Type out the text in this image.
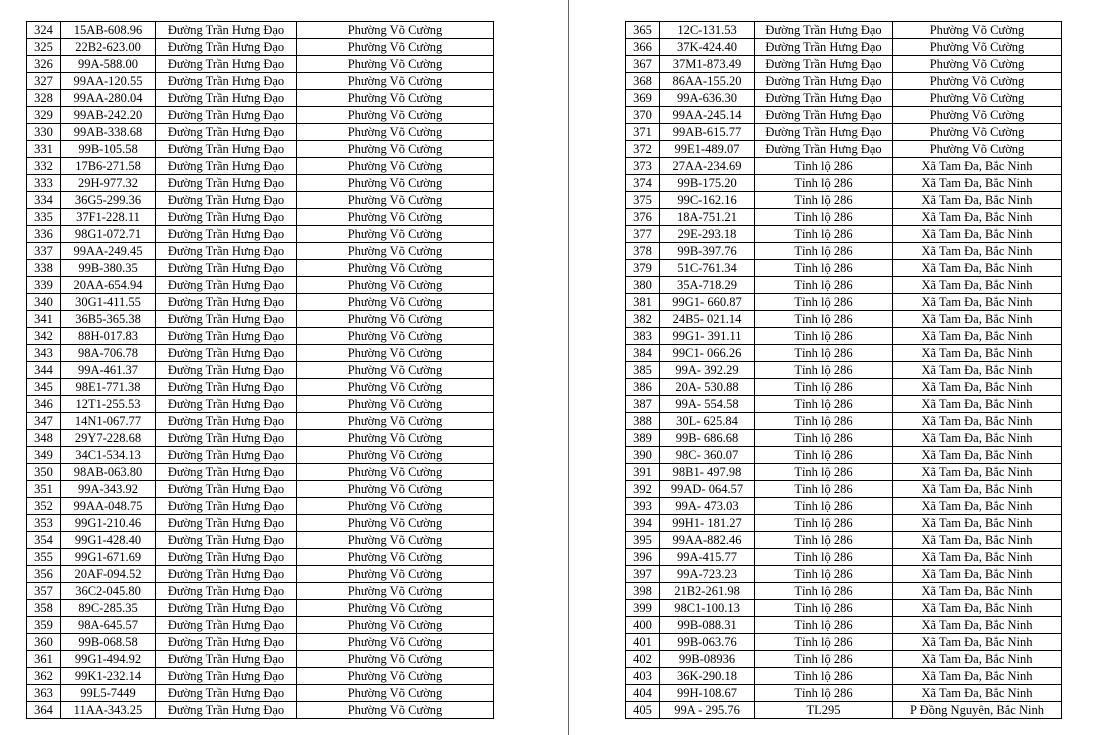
324	15AB-608.96	Đường Trần Hưng Đạo	Phường Võ Cường
325	22B2-623.00	Đường Trần Hưng Đạo	Phường Võ Cường
326	99A-588.00	Đường Trần Hưng Đạo	Phường Võ Cường
327	99AA-120.55	Đường Trần Hưng Đạo	Phường Võ Cường
328	99AA-280.04	Đường Trần Hưng Đạo	Phường Võ Cường
329	99AB-242.20	Đường Trần Hưng Đạo	Phường Võ Cường
330	99AB-338.68	Đường Trần Hưng Đạo	Phường Võ Cường
331	99B-105.58	Đường Trần Hưng Đạo	Phường Võ Cường
332	17B6-271.58	Đường Trần Hưng Đạo	Phường Võ Cường
333	29H-977.32	Đường Trần Hưng Đạo	Phường Võ Cường
334	36G5-299.36	Đường Trần Hưng Đạo	Phường Võ Cường
335	37F1-228.11	Đường Trần Hưng Đạo	Phường Võ Cường
336	98G1-072.71	Đường Trần Hưng Đạo	Phường Võ Cường
337	99AA-249.45	Đường Trần Hưng Đạo	Phường Võ Cường
338	99B-380.35	Đường Trần Hưng Đạo	Phường Võ Cường
339	20AA-654.94	Đường Trần Hưng Đạo	Phường Võ Cường
340	30G1-411.55	Đường Trần Hưng Đạo	Phường Võ Cường
341	36B5-365.38	Đường Trần Hưng Đạo	Phường Võ Cường
342	88H-017.83	Đường Trần Hưng Đạo	Phường Võ Cường
343	98A-706.78	Đường Trần Hưng Đạo	Phường Võ Cường
344	99A-461.37	Đường Trần Hưng Đạo	Phường Võ Cường
345	98E1-771.38	Đường Trần Hưng Đạo	Phường Võ Cường
346	12T1-255.53	Đường Trần Hưng Đạo	Phường Võ Cường
347	14N1-067.77	Đường Trần Hưng Đạo	Phường Võ Cường
348	29Y7-228.68	Đường Trần Hưng Đạo	Phường Võ Cường
349	34C1-534.13	Đường Trần Hưng Đạo	Phường Võ Cường
350	98AB-063.80	Đường Trần Hưng Đạo	Phường Võ Cường
351	99A-343.92	Đường Trần Hưng Đạo	Phường Võ Cường
352	99AA-048.75	Đường Trần Hưng Đạo	Phường Võ Cường
353	99G1-210.46	Đường Trần Hưng Đạo	Phường Võ Cường
354	99G1-428.40	Đường Trần Hưng Đạo	Phường Võ Cường
355	99G1-671.69	Đường Trần Hưng Đạo	Phường Võ Cường
356	20AF-094.52	Đường Trần Hưng Đạo	Phường Võ Cường
357	36C2-045.80	Đường Trần Hưng Đạo	Phường Võ Cường
358	89C-285.35	Đường Trần Hưng Đạo	Phường Võ Cường
359	98A-645.57	Đường Trần Hưng Đạo	Phường Võ Cường
360	99B-068.58	Đường Trần Hưng Đạo	Phường Võ Cường
361	99G1-494.92	Đường Trần Hưng Đạo	Phường Võ Cường
362	99K1-232.14	Đường Trần Hưng Đạo	Phường Võ Cường
363	99L5-7449	Đường Trần Hưng Đạo	Phường Võ Cường
364	11AA-343.25	Đường Trần Hưng Đạo	Phường Võ Cường
365	12C-131.53	Đường Trần Hưng Đạo	Phường Võ Cường
366	37K-424.40	Đường Trần Hưng Đạo	Phường Võ Cường
367	37M1-873.49	Đường Trần Hưng Đạo	Phường Võ Cường
368	86AA-155.20	Đường Trần Hưng Đạo	Phường Võ Cường
369	99A-636.30	Đường Trần Hưng Đạo	Phường Võ Cường
370	99AA-245.14	Đường Trần Hưng Đạo	Phường Võ Cường
371	99AB-615.77	Đường Trần Hưng Đạo	Phường Võ Cường
372	99E1-489.07	Đường Trần Hưng Đạo	Phường Võ Cường
373	27AA-234.69	Tỉnh lộ 286	Xã Tam Đa, Bắc Ninh
374	99B-175.20	Tỉnh lộ 286	Xã Tam Đa, Bắc Ninh
375	99C-162.16	Tỉnh lộ 286	Xã Tam Đa, Bắc Ninh
376	18A-751.21	Tỉnh lộ 286	Xã Tam Đa, Bắc Ninh
377	29E-293.18	Tỉnh lộ 286	Xã Tam Đa, Bắc Ninh
378	99B-397.76	Tỉnh lộ 286	Xã Tam Đa, Bắc Ninh
379	51C-761.34	Tỉnh lộ 286	Xã Tam Đa, Bắc Ninh
380	35A-718.29	Tỉnh lộ 286	Xã Tam Đa, Bắc Ninh
381	99G1- 660.87	Tỉnh lộ 286	Xã Tam Đa, Bắc Ninh
382	24B5- 021.14	Tỉnh lộ 286	Xã Tam Đa, Bắc Ninh
383	99G1- 391.11	Tỉnh lộ 286	Xã Tam Đa, Bắc Ninh
384	99C1- 066.26	Tỉnh lộ 286	Xã Tam Đa, Bắc Ninh
385	99A- 392.29	Tỉnh lộ 286	Xã Tam Đa, Bắc Ninh
386	20A- 530.88	Tỉnh lộ 286	Xã Tam Đa, Bắc Ninh
387	99A- 554.58	Tỉnh lộ 286	Xã Tam Đa, Bắc Ninh
388	30L- 625.84	Tỉnh lộ 286	Xã Tam Đa, Bắc Ninh
389	99B- 686.68	Tỉnh lộ 286	Xã Tam Đa, Bắc Ninh
390	98C- 360.07	Tỉnh lộ 286	Xã Tam Đa, Bắc Ninh
391	98B1- 497.98	Tỉnh lộ 286	Xã Tam Đa, Bắc Ninh
392	99AD- 064.57	Tỉnh lộ 286	Xã Tam Đa, Bắc Ninh
393	99A- 473.03	Tỉnh lộ 286	Xã Tam Đa, Bắc Ninh
394	99H1- 181.27	Tỉnh lộ 286	Xã Tam Đa, Bắc Ninh
395	99AA-882.46	Tỉnh lộ 286	Xã Tam Đa, Bắc Ninh
396	99A-415.77	Tỉnh lộ 286	Xã Tam Đa, Bắc Ninh
397	99A-723.23	Tỉnh lộ 286	Xã Tam Đa, Bắc Ninh
398	21B2-261.98	Tỉnh lộ 286	Xã Tam Đa, Bắc Ninh
399	98C1-100.13	Tỉnh lộ 286	Xã Tam Đa, Bắc Ninh
400	99B-088.31	Tỉnh lộ 286	Xã Tam Đa, Bắc Ninh
401	99B-063.76	Tỉnh lộ 286	Xã Tam Đa, Bắc Ninh
402	99B-08936	Tỉnh lộ 286	Xã Tam Đa, Bắc Ninh
403	36K-290.18	Tỉnh lộ 286	Xã Tam Đa, Bắc Ninh
404	99H-108.67	Tỉnh lộ 286	Xã Tam Đa, Bắc Ninh
405	99A - 295.76	TL295	P Đồng Nguyên, Bắc Ninh
